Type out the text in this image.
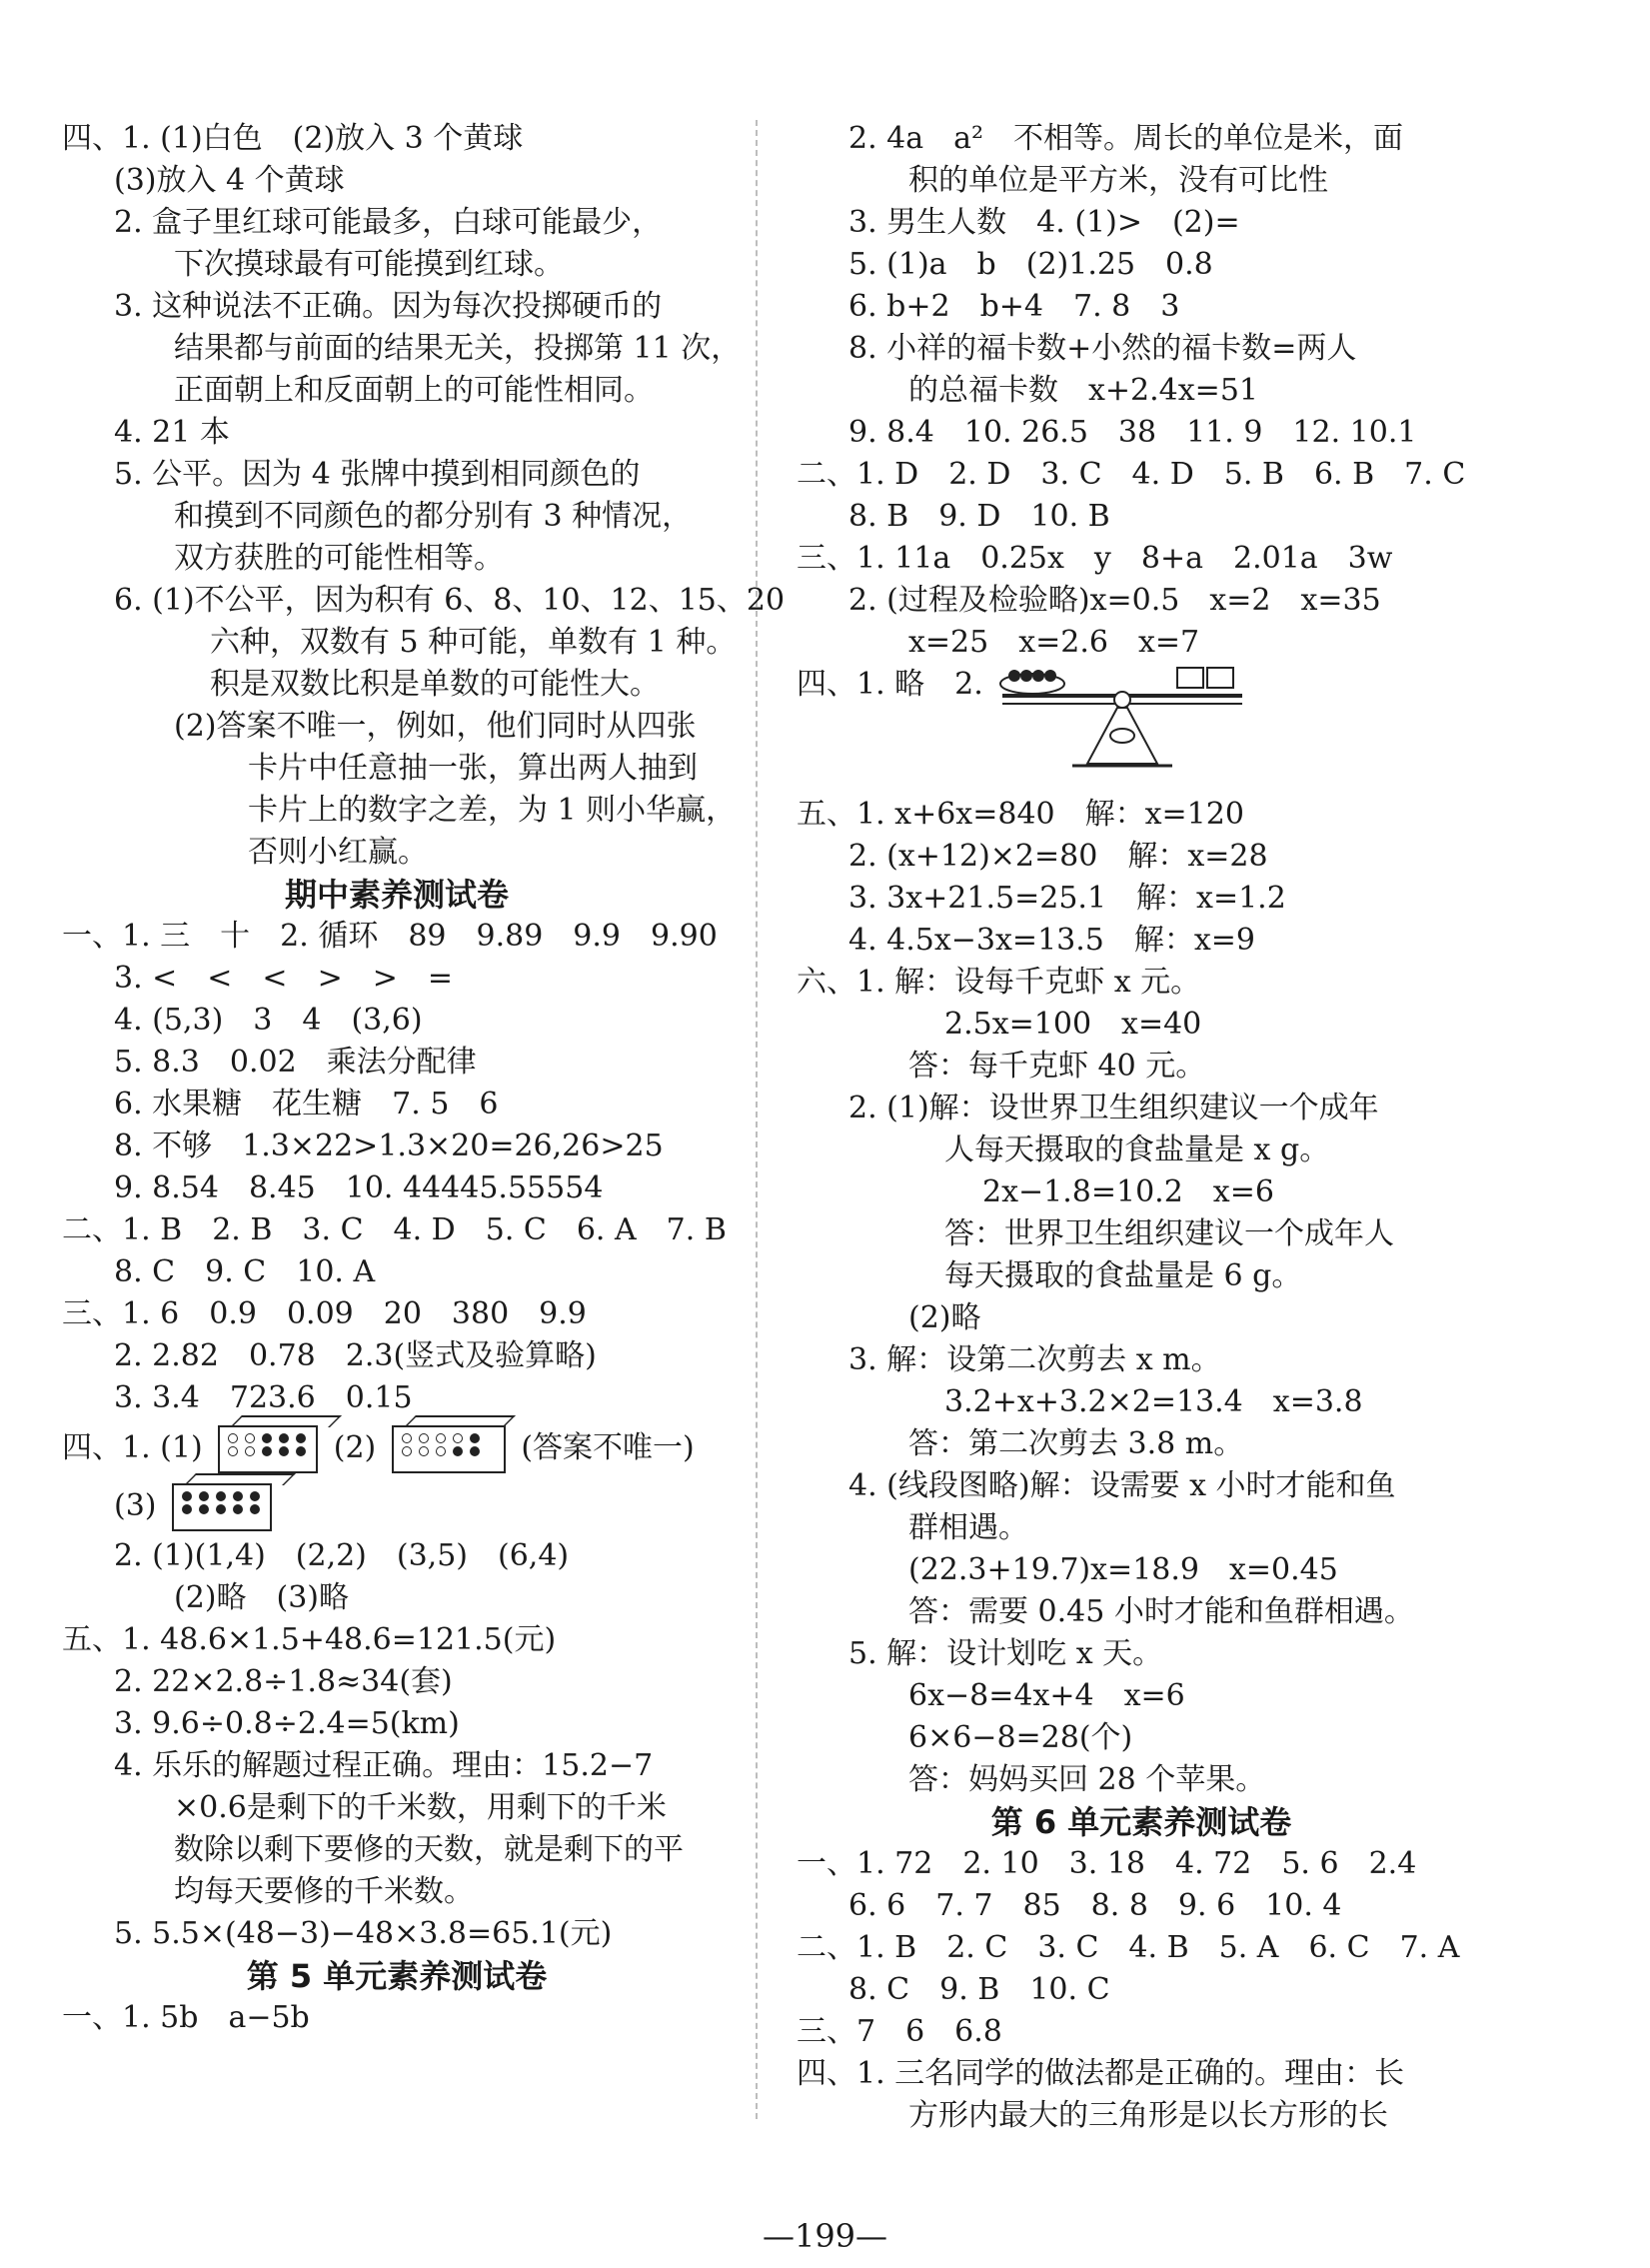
四、1. (1)白色　(2)放入 3 个黄球
(3)放入 4 个黄球
2. 盒子里红球可能最多，白球可能最少，
下次摸球最有可能摸到红球。
3. 这种说法不正确。因为每次投掷硬币的
结果都与前面的结果无关，投掷第 11 次，
正面朝上和反面朝上的可能性相同。
4. 21 本
5. 公平。因为 4 张牌中摸到相同颜色的
和摸到不同颜色的都分别有 3 种情况，
双方获胜的可能性相等。
6. (1)不公平，因为积有 6、8、10、12、15、20
六种，双数有 5 种可能，单数有 1 种。
积是双数比积是单数的可能性大。
(2)答案不唯一，例如，他们同时从四张
卡片中任意抽一张，算出两人抽到
卡片上的数字之差，为 1 则小华赢，
否则小红赢。
期中素养测试卷
一、1. 三　十　2. 循环　89　9.89　9.9　9.90
3. <　<　<　>　>　=
4. (5,3)　3　4　(3,6)
5. 8.3　0.02　乘法分配律
6. 水果糖　花生糖　7. 5　6
8. 不够　1.3×22>1.3×20=26,26>25
9. 8.54　8.45　10. 44445.55554
二、1. B　2. B　3. C　4. D　5. C　6. A　7. B
8. C　9. C　10. A
三、1. 6　0.9　0.09　20　380　9.9
2. 2.82　0.78　2.3(竖式及验算略)
3. 3.4　723.6　0.15
四、1. (1)	(2)	(答案不唯一)
(3)
2. (1)(1,4)　(2,2)　(3,5)　(6,4)
(2)略　(3)略
五、1. 48.6×1.5+48.6=121.5(元)
2. 22×2.8÷1.8≈34(套)
3. 9.6÷0.8÷2.4=5(km)
4. 乐乐的解题过程正确。理由：15.2−7
×0.6是剩下的千米数，用剩下的千米
数除以剩下要修的天数，就是剩下的平
均每天要修的千米数。
5. 5.5×(48−3)−48×3.8=65.1(元)
第 5 单元素养测试卷
一、1. 5b　a−5b
2. 4a　a²　不相等。周长的单位是米，面
积的单位是平方米，没有可比性
3. 男生人数　4. (1)>　(2)=
5. (1)a　b　(2)1.25　0.8
6. b+2　b+4　7. 8　3
8. 小祥的福卡数+小然的福卡数=两人
的总福卡数　x+2.4x=51
9. 8.4　10. 26.5　38　11. 9　12. 10.1
二、1. D　2. D　3. C　4. D　5. B　6. B　7. C
8. B　9. D　10. B
三、1. 11a　0.25x　y　8+a　2.01a　3w
2. (过程及检验略)x=0.5　x=2　x=35
x=25　x=2.6　x=7
四、1. 略　2.
五、1. x+6x=840　解：x=120
2. (x+12)×2=80　解：x=28
3. 3x+21.5=25.1　解：x=1.2
4. 4.5x−3x=13.5　解：x=9
六、1. 解：设每千克虾 x 元。
2.5x=100　x=40
答：每千克虾 40 元。
2. (1)解：设世界卫生组织建议一个成年
人每天摄取的食盐量是 x g。
2x−1.8=10.2　x=6
答：世界卫生组织建议一个成年人
每天摄取的食盐量是 6 g。
(2)略
3. 解：设第二次剪去 x m。
3.2+x+3.2×2=13.4　x=3.8
答：第二次剪去 3.8 m。
4. (线段图略)解：设需要 x 小时才能和鱼
群相遇。
(22.3+19.7)x=18.9　x=0.45
答：需要 0.45 小时才能和鱼群相遇。
5. 解：设计划吃 x 天。
6x−8=4x+4　x=6
6×6−8=28(个)
答：妈妈买回 28 个苹果。
第 6 单元素养测试卷
一、1. 72　2. 10　3. 18　4. 72　5. 6　2.4
6. 6　7. 7　85　8. 8　9. 6　10. 4
二、1. B　2. C　3. C　4. B　5. A　6. C　7. A
8. C　9. B　10. C
三、7　6　6.8
四、1. 三名同学的做法都是正确的。理由：长
方形内最大的三角形是以长方形的长
—199—
